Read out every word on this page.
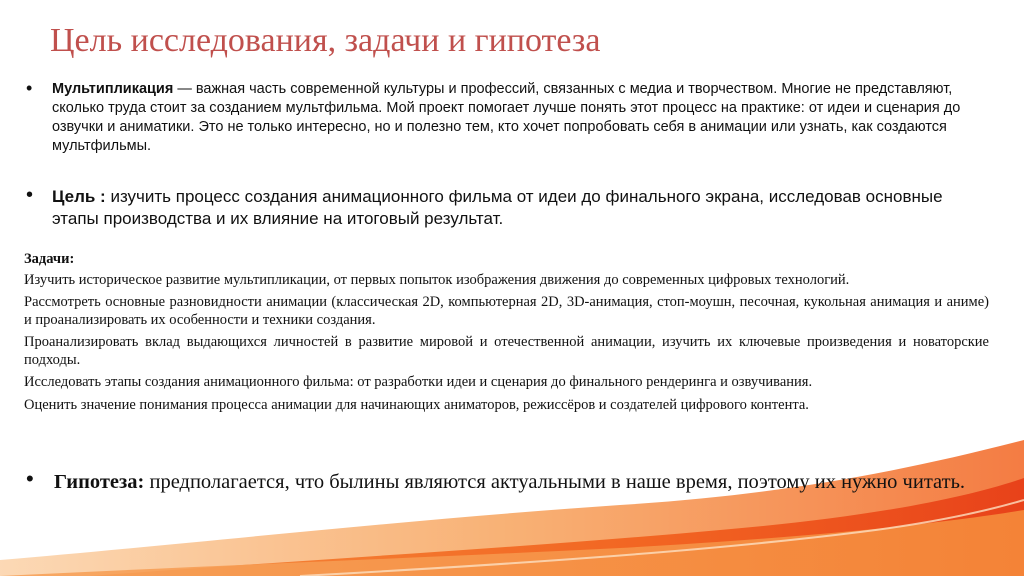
Цель исследования, задачи и гипотеза
• Мультипликация — важная часть современной культуры и профессий, связанных с медиа и творчеством. Многие не представляют, сколько труда стоит за созданием мультфильма. Мой проект помогает лучше понять этот процесс на практике: от идеи и сценария до озвучки и аниматики. Это не только интересно, но и полезно тем, кто хочет попробовать себя в анимации или узнать, как создаются мультфильмы.
• Цель : изучить процесс создания анимационного фильма от идеи до финального экрана, исследовав основные этапы производства и их влияние на итоговый результат.
Задачи:
Изучить историческое развитие мультипликации, от первых попыток изображения движения до современных цифровых технологий.
Рассмотреть основные разновидности анимации (классическая 2D, компьютерная 2D, 3D-анимация, стоп-моушн, песочная, кукольная анимация и аниме) и проанализировать их особенности и техники создания.
Проанализировать вклад выдающихся личностей в развитие мировой и отечественной анимации, изучить их ключевые произведения и новаторские подходы.
Исследовать этапы создания анимационного фильма: от разработки идеи и сценария до финального рендеринга и озвучивания.
Оценить значение понимания процесса анимации для начинающих аниматоров, режиссёров и создателей цифрового контента.
• Гипотеза: предполагается, что былины являются актуальными в наше время, поэтому их нужно читать.
